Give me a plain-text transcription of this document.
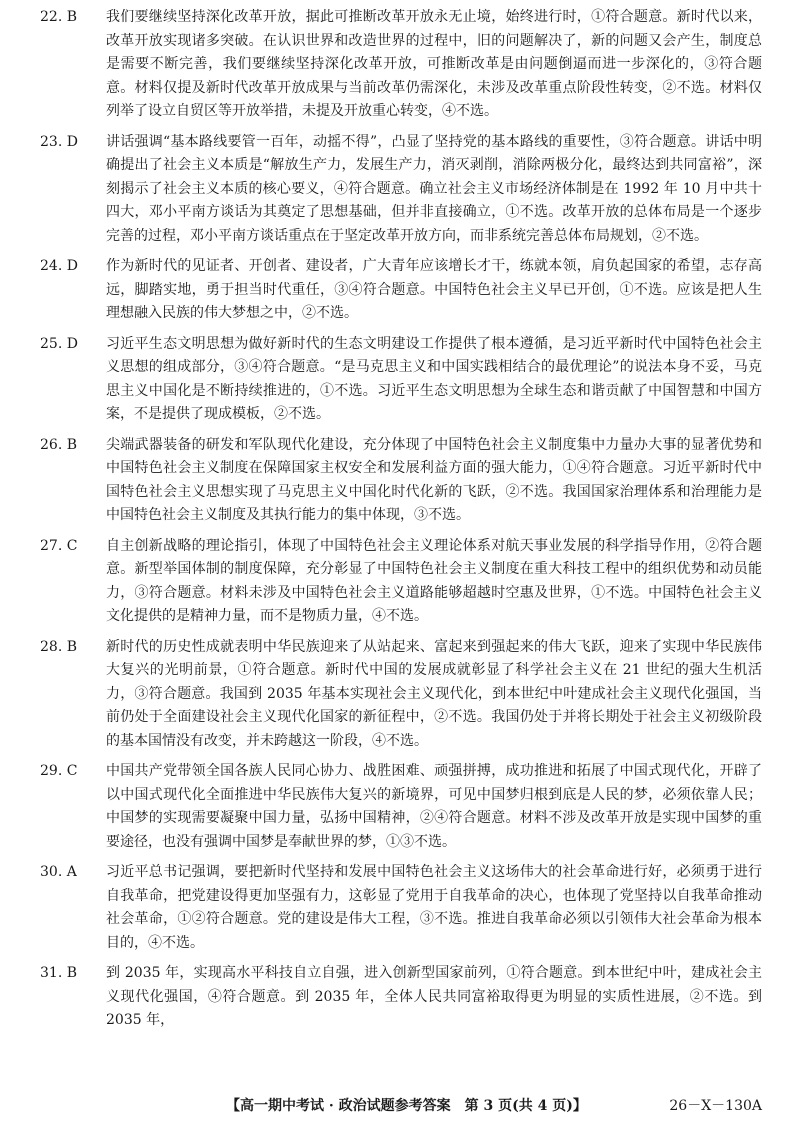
22. B	我们要继续坚持深化改革开放，据此可推断改革开放永无止境，始终进行时，①符合题意。新时代以来，改革开放实现诸多突破。在认识世界和改造世界的过程中，旧的问题解决了，新的问题又会产生，制度总是需要不断完善，我们要继续坚持深化改革开放，可推断改革是由问题倒逼而进一步深化的，③符合题意。材料仅提及新时代改革开放成果与当前改革仍需深化，未涉及改革重点阶段性转变，②不选。材料仅列举了设立自贸区等开放举措，未提及开放重心转变，④不选。
23. D	讲话强调“基本路线要管一百年，动摇不得”，凸显了坚持党的基本路线的重要性，③符合题意。讲话中明确提出了社会主义本质是“解放生产力，发展生产力，消灭剥削，消除两极分化，最终达到共同富裕”，深刻揭示了社会主义本质的核心要义，④符合题意。确立社会主义市场经济体制是在 1992 年 10 月中共十四大，邓小平南方谈话为其奠定了思想基础，但并非直接确立，①不选。改革开放的总体布局是一个逐步完善的过程，邓小平南方谈话重点在于坚定改革开放方向，而非系统完善总体布局规划，②不选。
24. D	作为新时代的见证者、开创者、建设者，广大青年应该增长才干，练就本领，肩负起国家的希望，志存高远，脚踏实地，勇于担当时代重任，③④符合题意。中国特色社会主义早已开创，①不选。应该是把人生理想融入民族的伟大梦想之中，②不选。
25. D	习近平生态文明思想为做好新时代的生态文明建设工作提供了根本遵循，是习近平新时代中国特色社会主义思想的组成部分，③④符合题意。“是马克思主义和中国实践相结合的最优理论”的说法本身不妥，马克思主义中国化是不断持续推进的，①不选。习近平生态文明思想为全球生态和谐贡献了中国智慧和中国方案，不是提供了现成模板，②不选。
26. B	尖端武器装备的研发和军队现代化建设，充分体现了中国特色社会主义制度集中力量办大事的显著优势和中国特色社会主义制度在保障国家主权安全和发展利益方面的强大能力，①④符合题意。习近平新时代中国特色社会主义思想实现了马克思主义中国化时代化新的飞跃，②不选。我国国家治理体系和治理能力是中国特色社会主义制度及其执行能力的集中体现，③不选。
27. C	自主创新战略的理论指引，体现了中国特色社会主义理论体系对航天事业发展的科学指导作用，②符合题意。新型举国体制的制度保障，充分彰显了中国特色社会主义制度在重大科技工程中的组织优势和动员能力，③符合题意。材料未涉及中国特色社会主义道路能够超越时空惠及世界，①不选。中国特色社会主义文化提供的是精神力量，而不是物质力量，④不选。
28. B	新时代的历史性成就表明中华民族迎来了从站起来、富起来到强起来的伟大飞跃，迎来了实现中华民族伟大复兴的光明前景，①符合题意。新时代中国的发展成就彰显了科学社会主义在 21 世纪的强大生机活力，③符合题意。我国到 2035 年基本实现社会主义现代化，到本世纪中叶建成社会主义现代化强国，当前仍处于全面建设社会主义现代化国家的新征程中，②不选。我国仍处于并将长期处于社会主义初级阶段的基本国情没有改变，并未跨越这一阶段，④不选。
29. C	中国共产党带领全国各族人民同心协力、战胜困难、顽强拼搏，成功推进和拓展了中国式现代化，开辟了以中国式现代化全面推进中华民族伟大复兴的新境界，可见中国梦归根到底是人民的梦，必须依靠人民；中国梦的实现需要凝聚中国力量，弘扬中国精神，②④符合题意。材料不涉及改革开放是实现中国梦的重要途径，也没有强调中国梦是奉献世界的梦，①③不选。
30. A	习近平总书记强调，要把新时代坚持和发展中国特色社会主义这场伟大的社会革命进行好，必须勇于进行自我革命，把党建设得更加坚强有力，这彰显了党用于自我革命的决心，也体现了党坚持以自我革命推动社会革命，①②符合题意。党的建设是伟大工程，③不选。推进自我革命必须以引领伟大社会革命为根本目的，④不选。
31. B	到 2035 年，实现高水平科技自立自强，进入创新型国家前列，①符合题意。到本世纪中叶，建成社会主义现代化强国，④符合题意。到 2035 年，全体人民共同富裕取得更为明显的实质性进展，②不选。到 2035 年，
【高一期中考试 · 政治试题参考答案　第 3 页(共 4 页)】	26－X－130A
